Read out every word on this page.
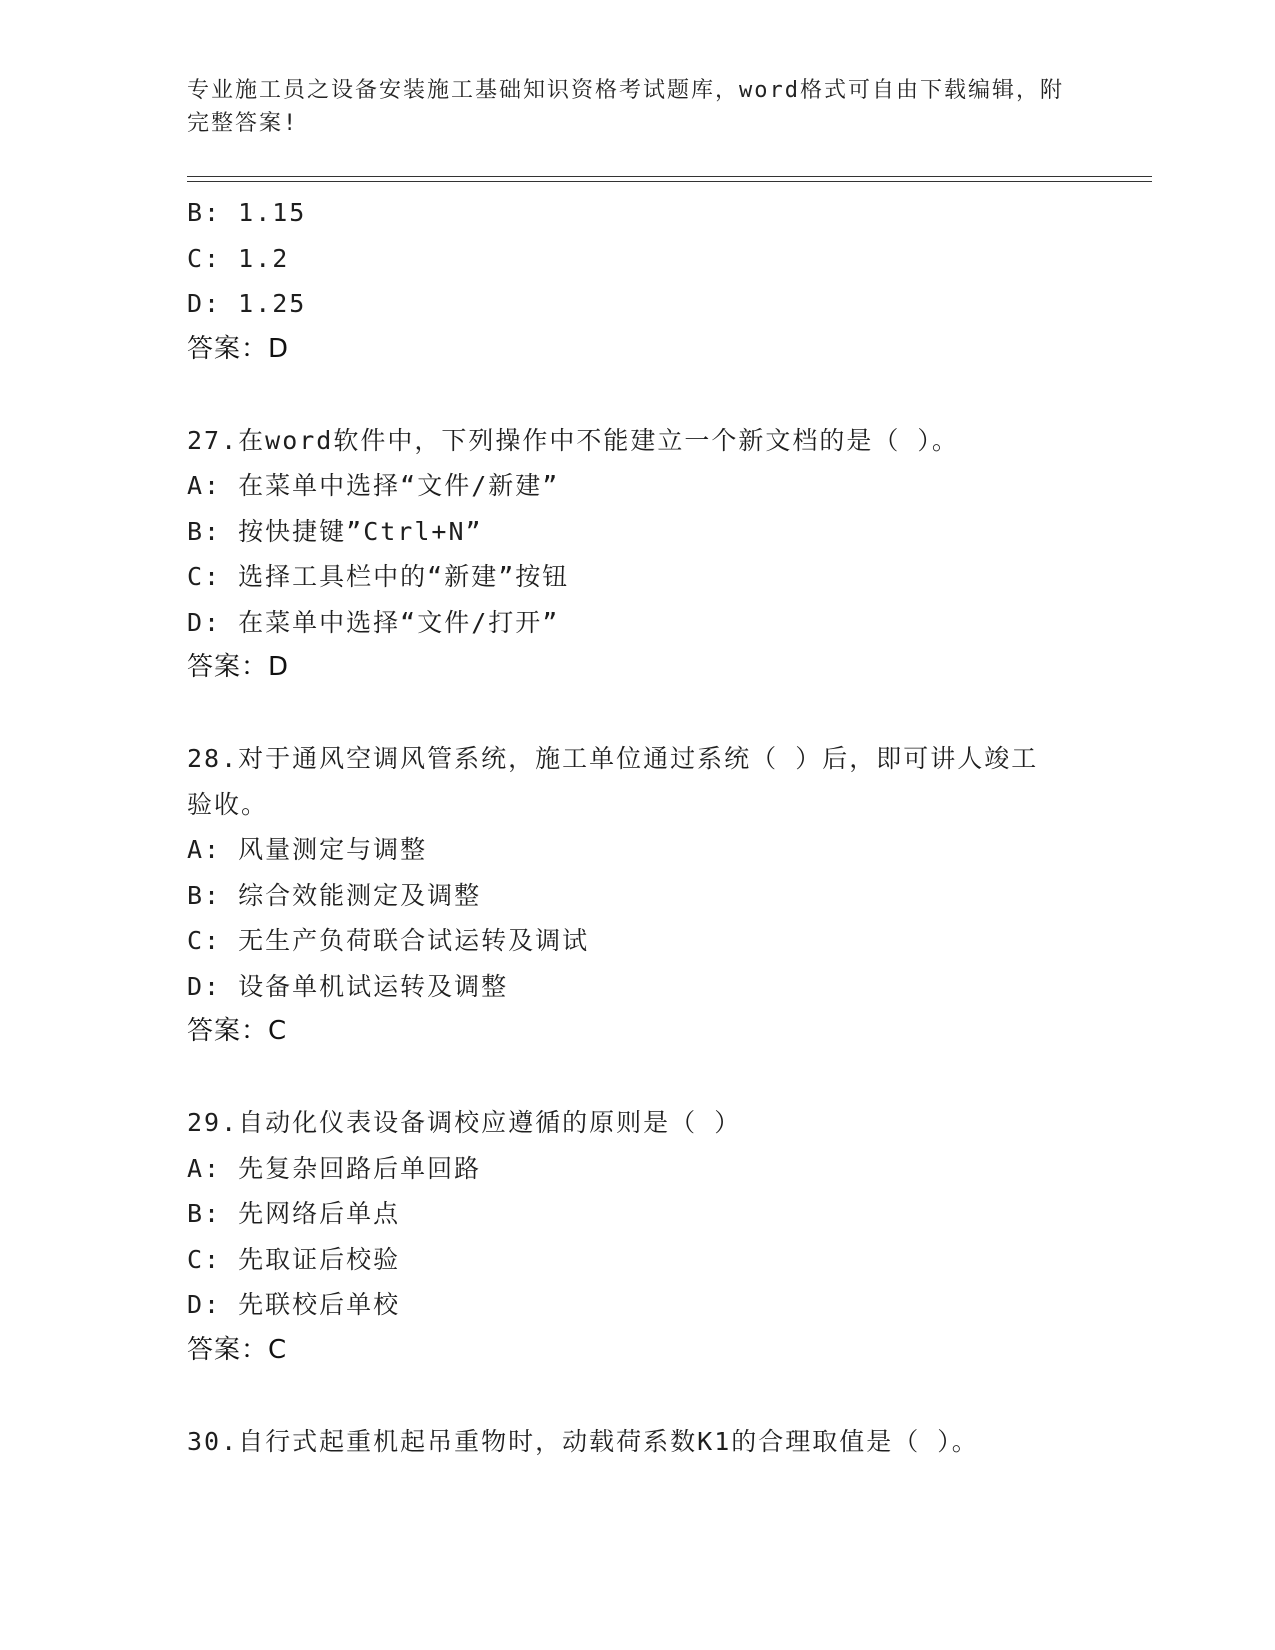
专业施工员之设备安装施工基础知识资格考试题库，word格式可自由下载编辑，附完整答案!
B: 1.15
C: 1.2
D: 1.25
答案：D
27.在word软件中，下列操作中不能建立一个新文档的是（ ）。
A: 在菜单中选择“文件/新建”
B: 按快捷键”Ctrl+N”
C: 选择工具栏中的“新建”按钮
D: 在菜单中选择“文件/打开”
答案：D
28.对于通风空调风管系统，施工单位通过系统（ ）后，即可讲人竣工验收。
A: 风量测定与调整
B: 综合效能测定及调整
C: 无生产负荷联合试运转及调试
D: 设备单机试运转及调整
答案：C
29.自动化仪表设备调校应遵循的原则是（ ）
A: 先复杂回路后单回路
B: 先网络后单点
C: 先取证后校验
D: 先联校后单校
答案：C
30.自行式起重机起吊重物时，动载荷系数K1的合理取值是（ ）。
